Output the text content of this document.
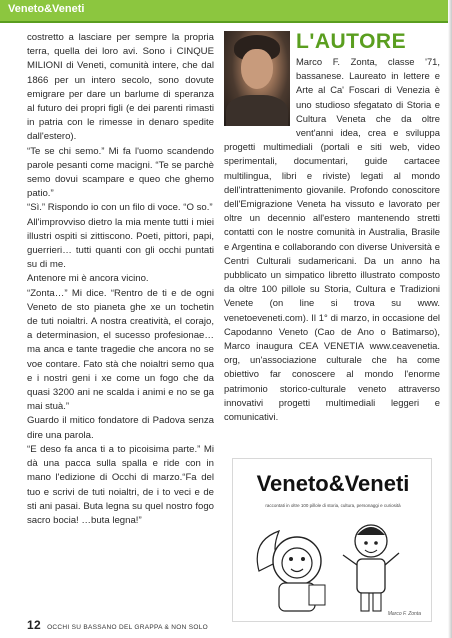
Veneto&Veneti

costretto a lasciare per sempre la propria terra, quella dei loro avi. Sono i CINQUE MILIONI di Veneti, comunità intere, che dal 1866 per un intero secolo, sono dovute emigrare per dare un barlume di speranza al futuro dei propri figli (e dei parenti rimasti in patria con le rimesse in denaro spedite dall'estero).

“Te se chi semo.” Mi fa l'uomo scandendo parole pesanti come macigni. “Te se parchè semo dovui scampare e queo che ghemo patio.”

“Sì.” Rispondo io con un filo di voce. “O so.”

All'improvviso dietro la mia mente tutti i miei illustri ospiti si zittiscono. Poeti, pittori, papi, guerrieri… tutti quanti con gli occhi puntati su di me.

Antenore mi è ancora vicino.

“Zonta…” Mi dice. “Rentro de ti e de ogni Veneto de sto pianeta ghe xe un tochetin de tuti noialtri. A nostra creatività, el corajo, a determinasion, el sucesso profesionae… ma anca e tante tragedie che ancora no se voe contare. Fato stà che noialtri semo qua e i nostri geni i xe come un fogo che da quasi 3200 ani ne scalda i animi e no se ga mai stuà.”

Guardo il mitico fondatore di Padova senza dire una parola.

“E deso fa anca ti a to picoisima parte.” Mi dà una pacca sulla spalla e ride con in mano l'edizione di Occhi di marzo.“Fa del tuo e scrivi de tuti noialtri, de i to veci e de sti ani pasai. Buta legna su quel nostro fogo sacro bocia! …buta legna!”

L'AUTORE
Marco F. Zonta, classe '71, bassanese. Laureato in lettere e Arte al Ca' Foscari di Venezia è uno studioso sfegatato di Storia e Cultura Veneta che da oltre vent'anni idea, crea e sviluppa progetti multimediali (portali e siti web, video sperimentali, documentari, guide cartacee multilingua, libri e riviste) legati al mondo dell'intrattenimento giovanile. Profondo conoscitore dell'Emigrazione Veneta ha vissuto e lavorato per oltre un decennio all'estero mantenendo stretti contatti con le nostre comunità in Australia, Brasile e Argentina e collaborando con diverse Università e Centri Culturali sudamericani. Da un anno ha pubblicato un simpatico libretto illustrato composto da oltre 100 pillole su Storia, Cultura e Tradizioni Venete (on line si trova su www. venetoeveneti.com). Il 1° di marzo, in occasione del Capodanno Veneto (Cao de Ano o Batimarso), Marco inaugura CEA VENETIA www.ceavenetia. org, un'associazione culturale che ha come obiettivo far conoscere al mondo l'enorme patrimonio storico-culturale veneto attraverso innovativi progetti multimediali leggeri e comunicativi.
Veneto&Veneti
raccontati in oltre 100 pillole di storia, cultura, personaggi e curiosità
Marco F. Zonta
12 OCCHI SU BASSANO DEL GRAPPA & NON SOLO
